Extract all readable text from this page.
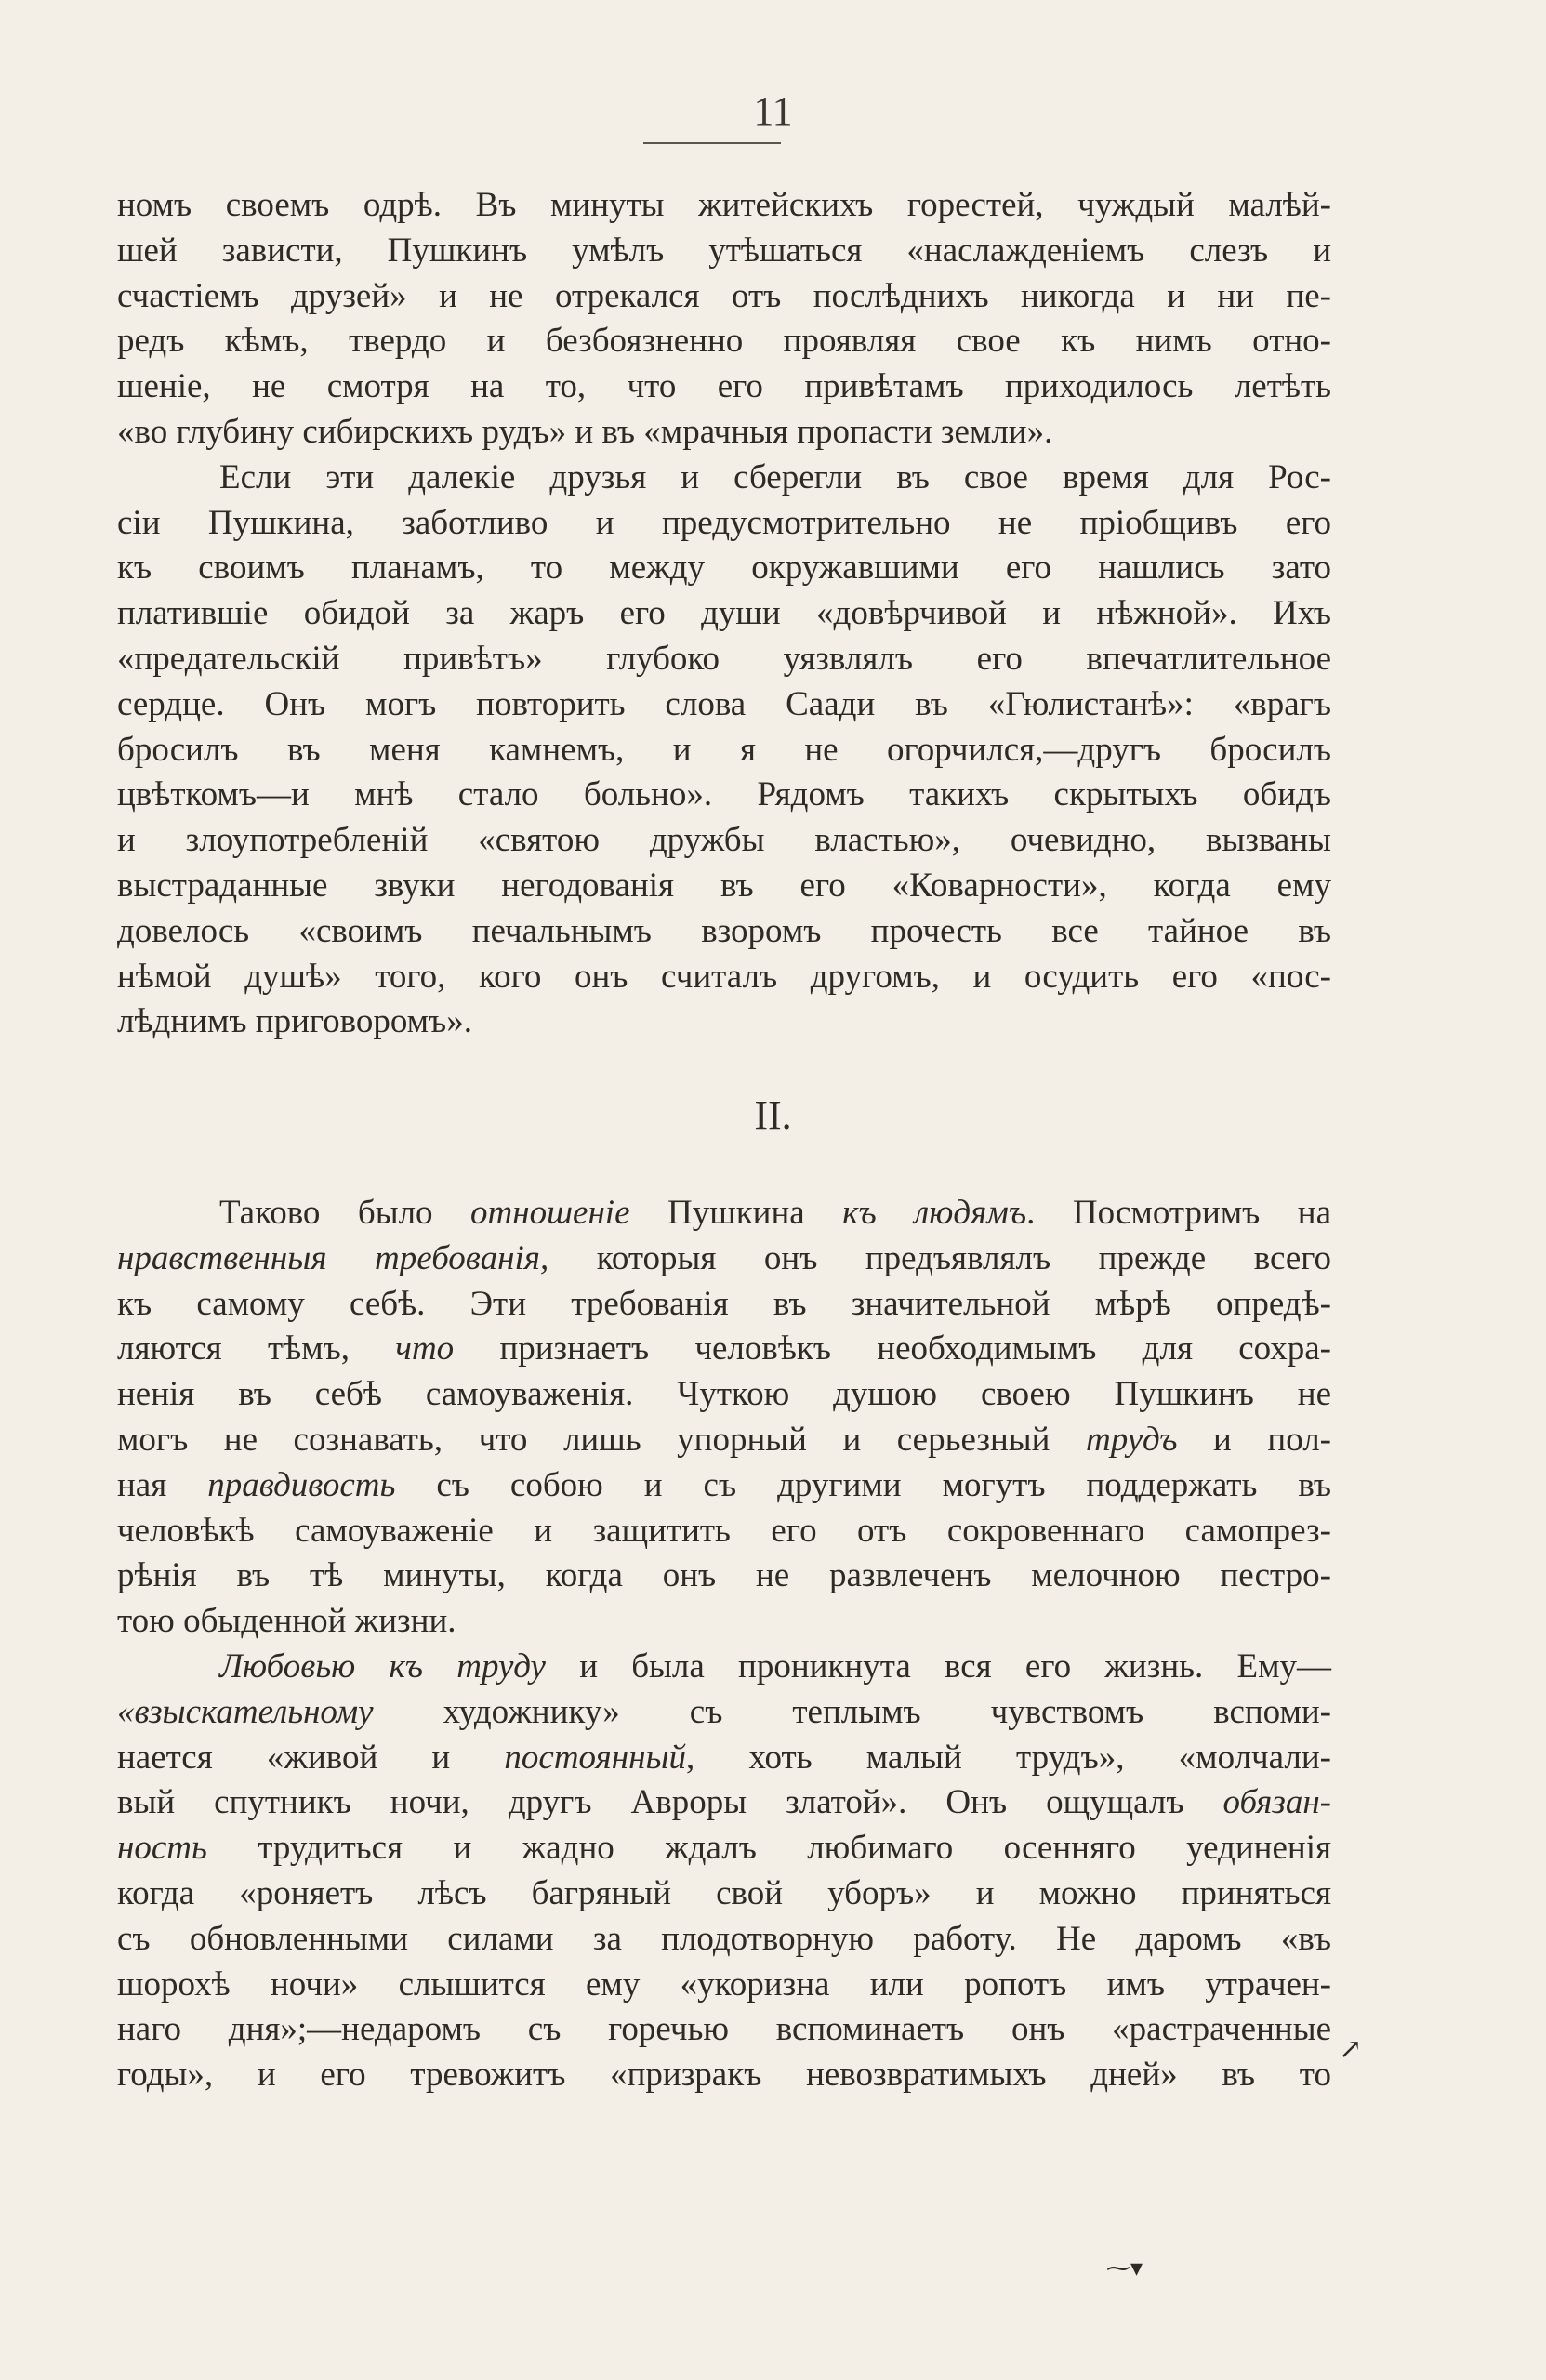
11
номъ своемъ одрѣ. Въ минуты житейскихъ горестей, чуждый малѣй-
шей зависти, Пушкинъ умѣлъ утѣшаться «наслажденіемъ слезъ и
счастіемъ друзей» и не отрекался отъ послѣднихъ никогда и ни пе-
редъ кѣмъ, твердо и безбоязненно проявляя свое къ нимъ отно-
шеніе, не смотря на то, что его привѣтамъ приходилось летѣть
«во глубину сибирскихъ рудъ» и въ «мрачныя пропасти земли».
Если эти далекіе друзья и сберегли въ свое время для Рос-
сіи Пушкина, заботливо и предусмотрительно не пріобщивъ его
къ своимъ планамъ, то между окружавшими его нашлись зато
платившіе обидой за жаръ его души «довѣрчивой и нѣжной». Ихъ
«предательскій привѣтъ» глубоко уязвлялъ его впечатлительное
сердце. Онъ могъ повторить слова Саади въ «Гюлистанѣ»: «врагъ
бросилъ въ меня камнемъ, и я не огорчился,—другъ бросилъ
цвѣткомъ—и мнѣ стало больно». Рядомъ такихъ скрытыхъ обидъ
и злоупотребленій «святою дружбы властью», очевидно, вызваны
выстраданные звуки негодованія въ его «Коварности», когда ему
довелось «своимъ печальнымъ взоромъ прочесть все тайное въ
нѣмой душѣ» того, кого онъ считалъ другомъ, и осудить его «пос-
лѣднимъ приговоромъ».
II.
Таково было отношеніе Пушкина къ людямъ. Посмотримъ на
нравственныя требованія, которыя онъ предъявлялъ прежде всего
къ самому себѣ. Эти требованія въ значительной мѣрѣ опредѣ-
ляются тѣмъ, что признаетъ человѣкъ необходимымъ для сохра-
ненія въ себѣ самоуваженія. Чуткою душою своею Пушкинъ не
могъ не сознавать, что лишь упорный и серьезный трудъ и пол-
ная правдивость съ собою и съ другими могутъ поддержать въ
человѣкѣ самоуваженіе и защитить его отъ сокровеннаго самопрез-
рѣнія въ тѣ минуты, когда онъ не развлеченъ мелочною пестро-
тою обыденной жизни.
Любовью къ труду и была проникнута вся его жизнь. Ему—
«взыскательному художнику» съ теплымъ чувствомъ вспоми-
нается «живой и постоянный, хоть малый трудъ», «молчали-
вый спутникъ ночи, другъ Авроры златой». Онъ ощущалъ обязан-
ность трудиться и жадно ждалъ любимаго осенняго уединенія
когда «роняетъ лѣсъ багряный свой уборъ» и можно приняться
съ обновленными силами за плодотворную работу. Не даромъ «въ
шорохѣ ночи» слышится ему «укоризна или ропотъ имъ утрачен-
наго дня»;—недаромъ съ горечью вспоминаетъ онъ «растраченные
годы», и его тревожитъ «призракъ невозвратимыхъ дней» въ то
↗
⁓▾
